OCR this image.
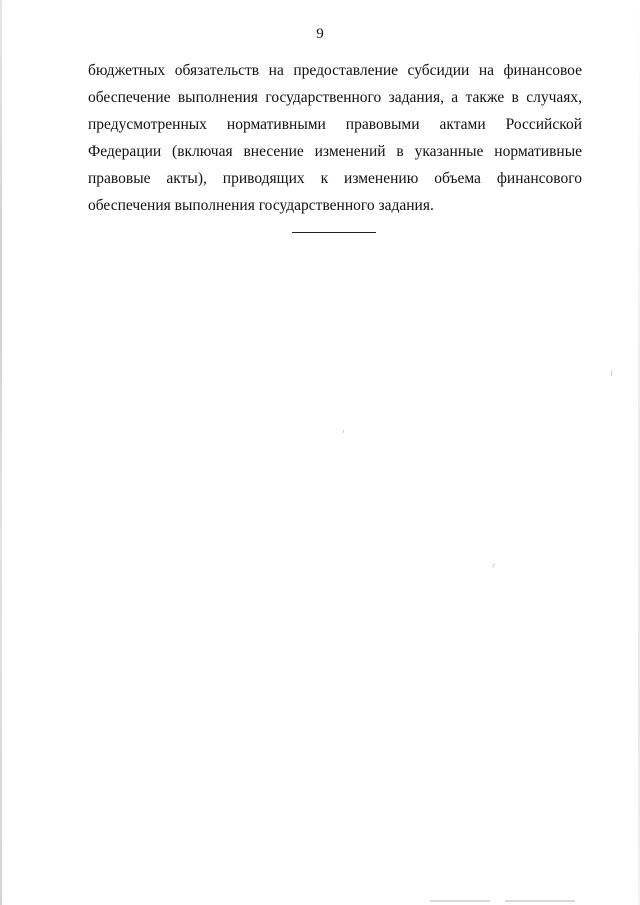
9
бюджетных обязательств на предоставление субсидии на финансовое
обеспечение выполнения государственного задания, а также в случаях,
предусмотренных нормативными правовыми актами Российской
Федерации (включая внесение изменений в указанные нормативные
правовые акты), приводящих к изменению объема финансового
обеспечения выполнения государственного задания.
